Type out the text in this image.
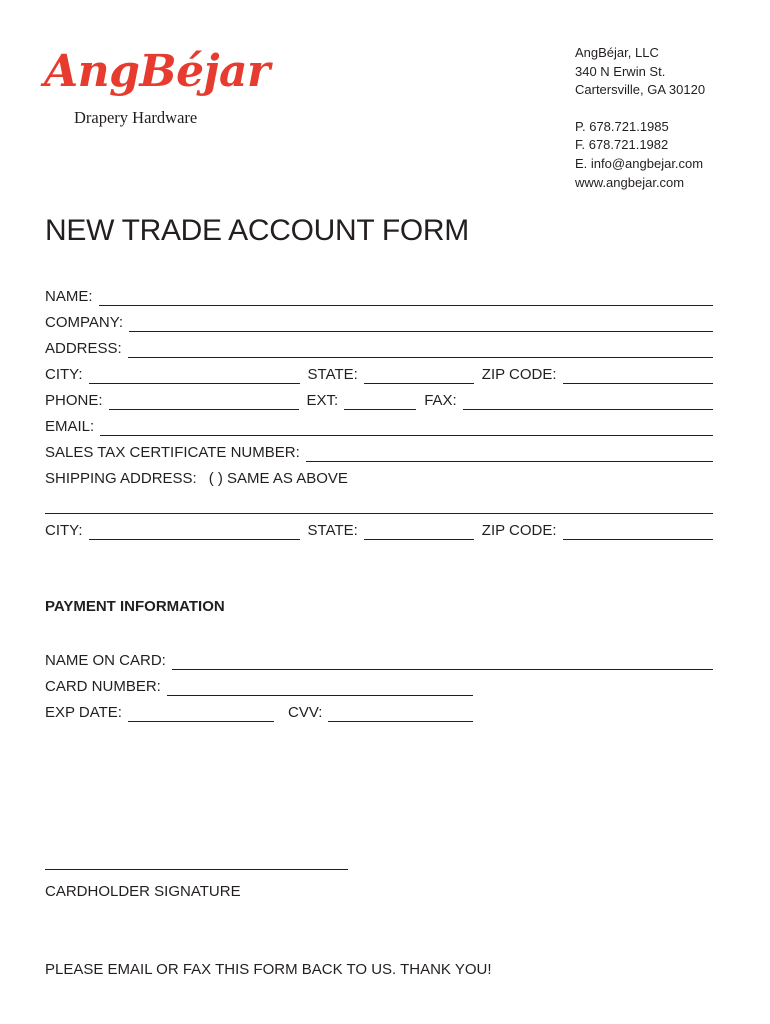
AngBéjar
Drapery Hardware
AngBéjar, LLC
340 N Erwin St.
Cartersville, GA 30120
P. 678.721.1985
F. 678.721.1982
E. info@angbejar.com
www.angbejar.com
NEW TRADE ACCOUNT FORM
NAME:
COMPANY:
ADDRESS:
CITY:	STATE:	ZIP CODE:
PHONE:	EXT:	FAX:
EMAIL:
SALES TAX CERTIFICATE NUMBER:
SHIPPING ADDRESS: ( ) SAME AS ABOVE
CITY:	STATE:	ZIP CODE:
PAYMENT INFORMATION
NAME ON CARD:
CARD NUMBER:
EXP DATE:	CVV:
CARDHOLDER SIGNATURE
PLEASE EMAIL OR FAX THIS FORM BACK TO US. THANK YOU!
